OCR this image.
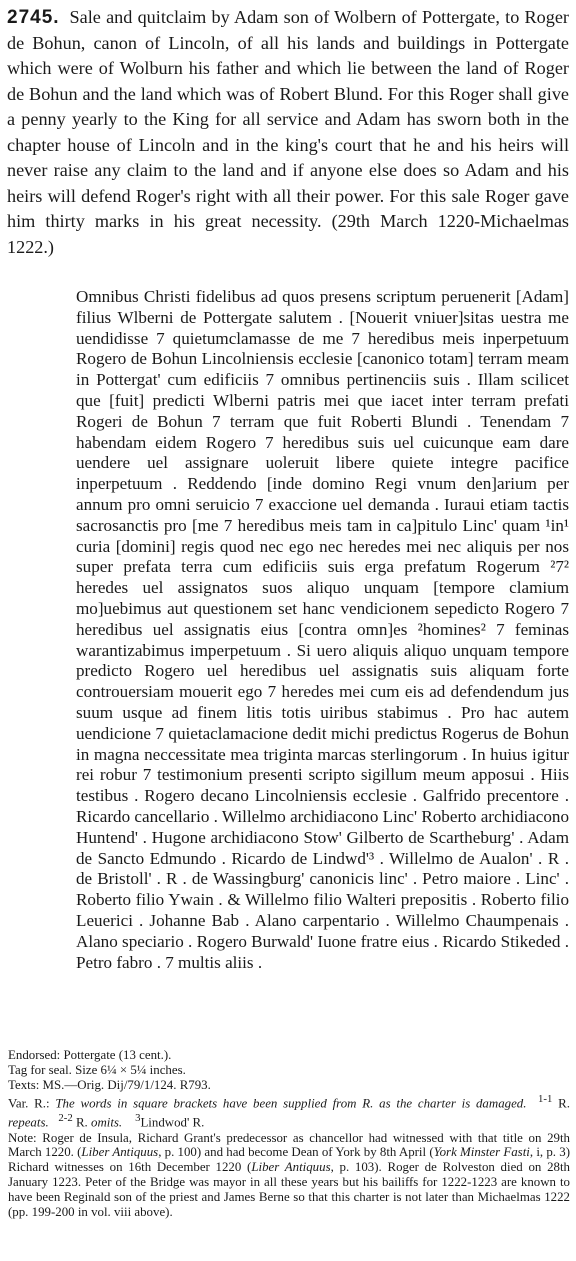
2745. Sale and quitclaim by Adam son of Wolbern of Pottergate, to Roger de Bohun, canon of Lincoln, of all his lands and buildings in Pottergate which were of Wolburn his father and which lie between the land of Roger de Bohun and the land which was of Robert Blund. For this Roger shall give a penny yearly to the King for all service and Adam has sworn both in the chapter house of Lincoln and in the king's court that he and his heirs will never raise any claim to the land and if anyone else does so Adam and his heirs will defend Roger's right with all their power. For this sale Roger gave him thirty marks in his great necessity. (29th March 1220-Michaelmas 1222.)

Omnibus Christi fidelibus ad quos presens scriptum peruenerit [Adam] filius Wlberni de Pottergate salutem . [Nouerit vniuer]sitas uestra me uendidisse 7 quietumclamasse de me 7 heredibus meis inperpetuum Rogero de Bohun Lincolniensis ecclesie [canonico totam] terram meam in Pottergat' cum edificiis 7 omnibus pertinenciis suis . Illam scilicet que [fuit] predicti Wlberni patris mei que iacet inter terram prefati Rogeri de Bohun 7 terram que fuit Roberti Blundi . Tenendam 7 habendam eidem Rogero 7 heredibus suis uel cuicunque eam dare uendere uel assignare uoleruit libere quiete integre pacifice inperpetuum . Reddendo [inde domino Regi vnum den]arium per annum pro omni seruicio 7 exaccione uel demanda . Iuraui etiam tactis sacrosanctis pro [me 7 heredibus meis tam in ca]pitulo Linc' quam ¹in¹ curia [domini] regis quod nec ego nec heredes mei nec aliquis per nos super prefata terra cum edificiis suis erga prefatum Rogerum ²7² heredes uel assignatos suos aliquo unquam [tempore clamium mo]uebimus aut questionem set hanc vendicionem sepedicto Rogero 7 heredibus uel assignatis eius [contra omn]es ²homines² 7 feminas warantizabimus imperpetuum . Si uero aliquis aliquo unquam tempore predicto Rogero uel heredibus uel assignatis suis aliquam forte controuersiam mouerit ego 7 heredes mei cum eis ad defendendum jus suum usque ad finem litis totis uiribus stabimus . Pro hac autem uendicione 7 quietaclamacione dedit michi predictus Rogerus de Bohun in magna neccessitate mea triginta marcas sterlingorum . In huius igitur rei robur 7 testimonium presenti scripto sigillum meum apposui . Hiis testibus . Rogero decano Lincolniensis ecclesie . Galfrido precentore . Ricardo cancellario . Willelmo archidiacono Linc' Roberto archidiacono Huntend' . Hugone archidiacono Stow' Gilberto de Scartheburg' . Adam de Sancto Edmundo . Ricardo de Lindwd'³ . Willelmo de Aualon' . R . de Bristoll' . R . de Wassingburg' canonicis linc' . Petro maiore . Linc' . Roberto filio Ywain . & Willelmo filio Walteri prepositis . Roberto filio Leuerici . Johanne Bab . Alano carpentario . Willelmo Chaumpenais . Alano speciario . Rogero Burwald' Iuone fratre eius . Ricardo Stikeded . Petro fabro . 7 multis aliis .

Endorsed: Pottergate (13 cent.).

Tag for seal. Size 6¼ × 5¼ inches.

Texts: MS.—Orig. Dij/79/1/124. R793.

Var. R.: The words in square brackets have been supplied from R. as the charter is damaged. $^{1-1}$ R. repeats. $^{2-2}$ R. omits. $^3$Lindwod' R.

Note: Roger de Insula, Richard Grant's predecessor as chancellor had witnessed with that title on 29th March 1220. (Liber Antiquus, p. 100) and had become Dean of York by 8th April (York Minster Fasti, i, p. 3) Richard witnesses on 16th December 1220 (Liber Antiquus, p. 103). Roger de Rolveston died on 28th January 1223. Peter of the Bridge was mayor in all these years but his bailiffs for 1222-1223 are known to have been Reginald son of the priest and James Berne so that this charter is not later than Michaelmas 1222 (pp. 199-200 in vol. viii above).
